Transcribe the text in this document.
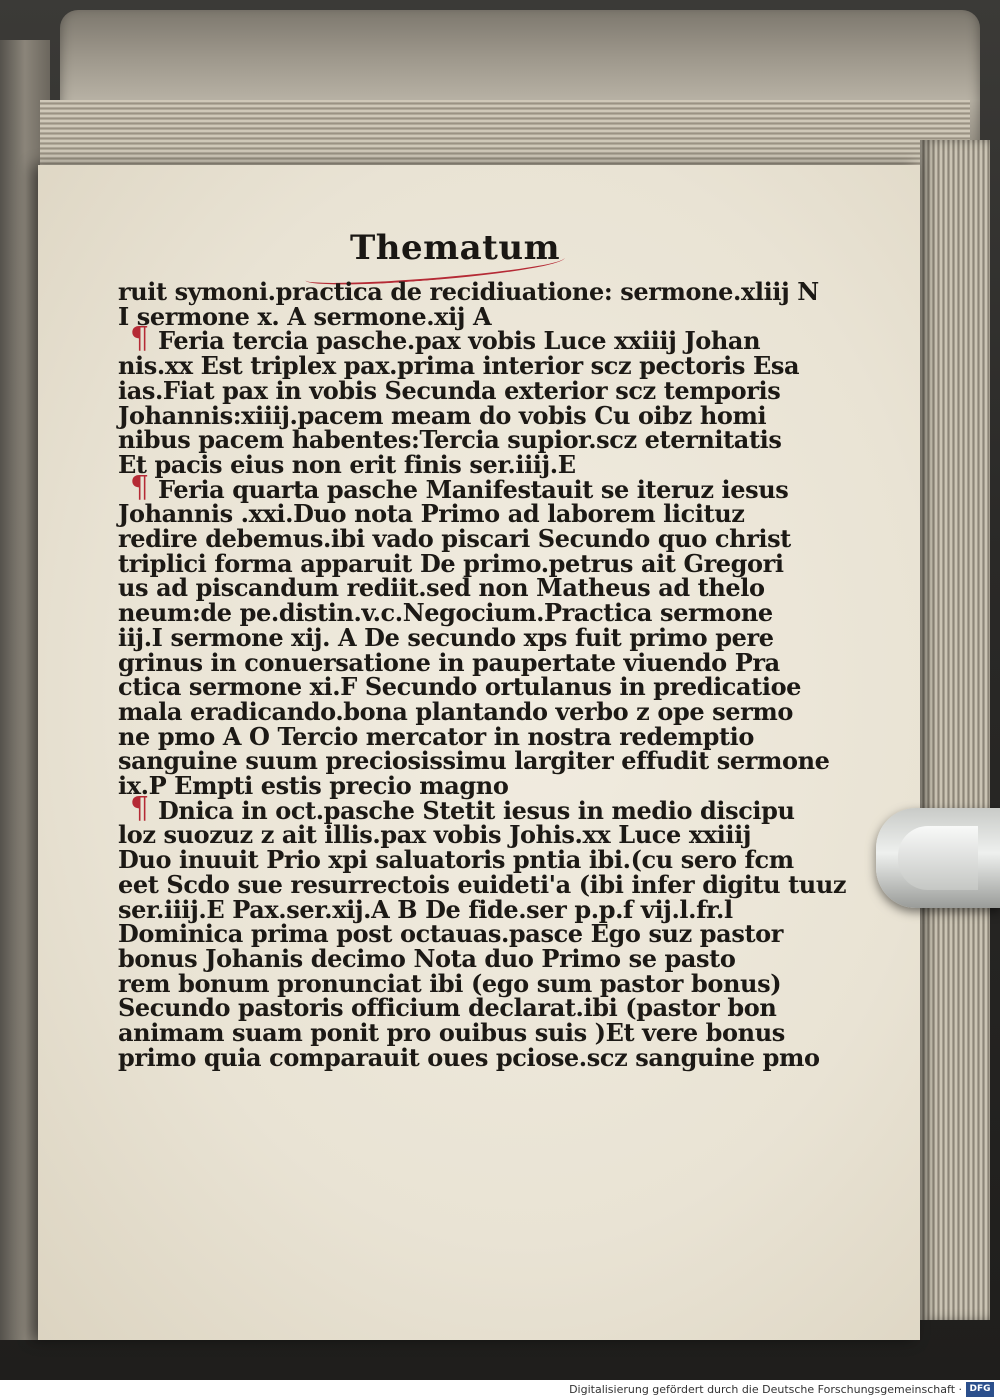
Thematum
ruit symoni.practica de recidiuatione: sermone.xliij N
I sermone x. A sermone.xij A
¶ Feria tercia pasche.pax vobis Luce xxiiij Johan
nis.xx Est triplex pax.prima interior scz pectoris Esa
ias.Fiat pax in vobis Secunda exterior scz temporis
Johannis:xiiij.pacem meam do vobis Cu oibz homi
nibus pacem habentes:Tercia supior.scz eternitatis
Et pacis eius non erit finis ser.iiij.E
¶ Feria quarta pasche Manifestauit se iteruz iesus
Johannis .xxi.Duo nota Primo ad laborem licituz
redire debemus.ibi vado piscari Secundo quo christ
triplici forma apparuit De primo.petrus ait Gregori
us ad piscandum rediit.sed non Matheus ad thelo
neum:de pe.distin.v.c.Negocium.Practica sermone
iij.I sermone xij. A De secundo xps fuit primo pere
grinus in conuersatione in paupertate viuendo Pra
ctica sermone xi.F Secundo ortulanus in predicatioe
mala eradicando.bona plantando verbo z ope sermo
ne pmo A O Tercio mercator in nostra redemptio
sanguine suum preciosissimu largiter effudit sermone
ix.P Empti estis precio magno
¶ Dnica in oct.pasche Stetit iesus in medio discipu
loz suozuz z ait illis.pax vobis Johis.xx Luce xxiiij
Duo inuuit Prio xpi saluatoris pntia ibi.(cu sero fcm
eet Scdo sue resurrectois euideti'a (ibi infer digitu tuuz
ser.iiij.E Pax.ser.xij.A B De fide.ser p.p.f vij.l.fr.l
Dominica prima post octauas.pasce Ego suz pastor
bonus Johanis decimo Nota duo Primo se pasto
rem bonum pronunciat ibi (ego sum pastor bonus)
Secundo pastoris officium declarat.ibi (pastor bon
animam suam ponit pro ouibus suis )Et vere bonus
primo quia comparauit oues pciose.scz sanguine pmo
Digitalisierung gefördert durch die Deutsche Forschungsgemeinschaft · DFG
